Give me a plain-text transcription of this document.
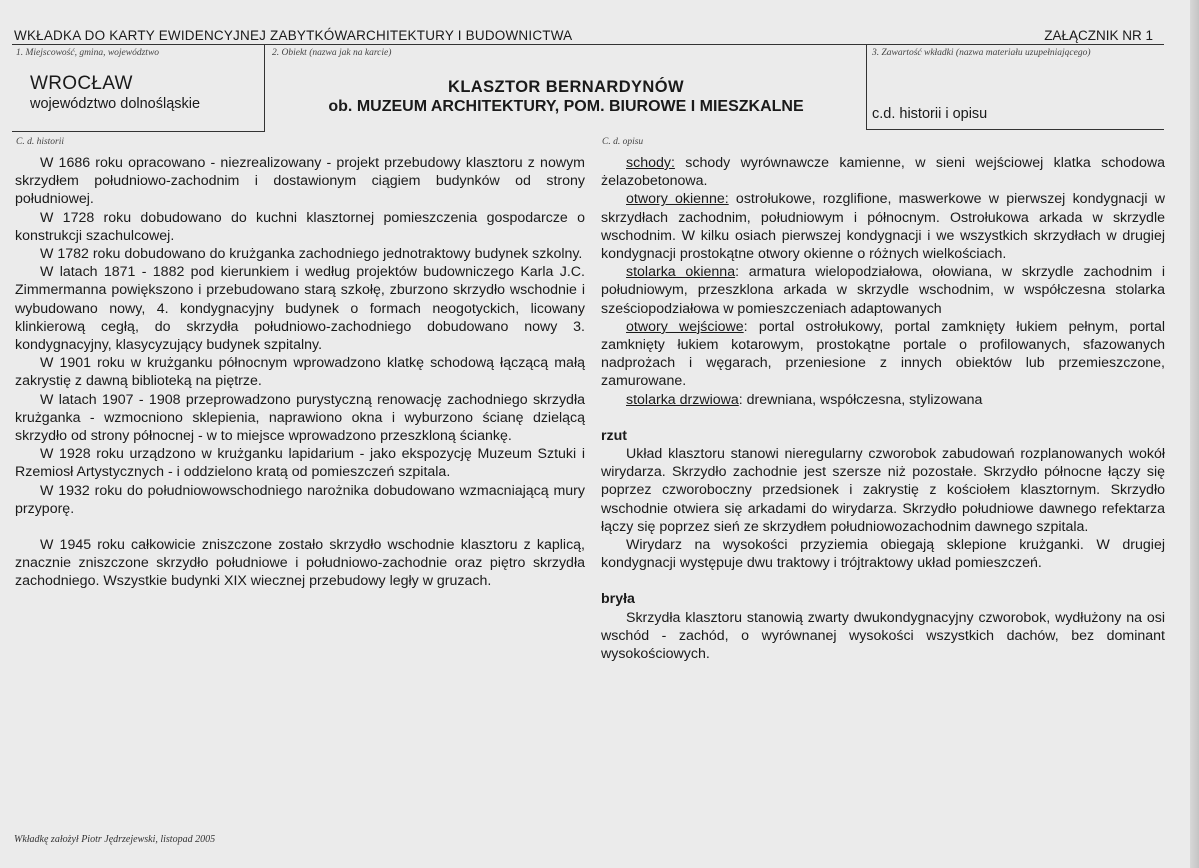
WKŁADKA DO KARTY EWIDENCYJNEJ ZABYTKÓWARCHITEKTURY I BUDOWNICTWA	ZAŁĄCZNIK NR 1
1. Miejscowość, gmina, województwo	2. Obiekt (nazwa jak na karcie)	3. Zawartość wkładki (nazwa materiału uzupełniającego)
WROCŁAW
województwo dolnośląskie
KLASZTOR BERNARDYNÓW
ob. MUZEUM ARCHITEKTURY, POM. BIUROWE I MIESZKALNE	c.d. historii i opisu
C. d. historii	C. d. opisu

W 1686 roku opracowano - niezrealizowany - projekt przebudowy klasztoru z nowym skrzydłem południowo-zachodnim i dostawionym ciągiem budynków od strony południowej.

W 1728 roku dobudowano do kuchni klasztornej pomieszczenia gospodarcze o konstrukcji szachulcowej.

W 1782 roku dobudowano do krużganka zachodniego jednotraktowy budynek szkolny.

W latach 1871 - 1882 pod kierunkiem i według projektów budowniczego Karla J.C. Zimmermanna powiększono i przebudowano starą szkołę, zburzono skrzydło wschodnie i wybudowano nowy, 4. kondygnacyjny budynek o formach neogotyckich, licowany klinkierową cegłą, do skrzydła południowo-zachodniego dobudowano nowy 3. kondygnacyjny, klasycyzujący budynek szpitalny.

W 1901 roku w krużganku północnym wprowadzono klatkę schodową łączącą małą zakrystię z dawną biblioteką na piętrze.

W latach 1907 - 1908 przeprowadzono purystyczną renowację zachodniego skrzydła krużganka - wzmocniono sklepienia, naprawiono okna i wyburzono ścianę dzielącą skrzydło od strony północnej - w to miejsce wprowadzono przeszkloną ściankę.

W 1928 roku urządzono w krużganku lapidarium - jako ekspozycję Muzeum Sztuki i Rzemiosł Artystycznych - i oddzielono kratą od pomieszczeń szpitala.

W 1932 roku do południowowschodniego narożnika dobudowano wzmacniającą mury przyporę.

W 1945 roku całkowicie zniszczone zostało skrzydło wschodnie klasztoru z kaplicą, znacznie zniszczone skrzydło południowe i południowo-zachodnie oraz piętro skrzydła zachodniego. Wszystkie budynki XIX wiecznej przebudowy legły w gruzach.

schody: schody wyrównawcze kamienne, w sieni wejściowej klatka schodowa żelazobetonowa.

otwory okienne: ostrołukowe, rozglifione, maswerkowe w pierwszej kondygnacji w skrzydłach zachodnim, południowym i północnym. Ostrołukowa arkada w skrzydle wschodnim. W kilku osiach pierwszej kondygnacji i we wszystkich skrzydłach w drugiej kondygnacji prostokątne otwory okienne o różnych wielkościach.

stolarka okienna: armatura wielopodziałowa, ołowiana, w skrzydle zachodnim i południowym, przeszklona arkada w skrzydle wschodnim, w współczesna stolarka sześciopodziałowa w pomieszczeniach adaptowanych

otwory wejściowe: portal ostrołukowy, portal zamknięty łukiem pełnym, portal zamknięty łukiem kotarowym, prostokątne portale o profilowanych, sfazowanych nadprożach i węgarach, przeniesione z innych obiektów lub przemieszczone, zamurowane.

stolarka drzwiowa: drewniana, współczesna, stylizowana

rzut

Układ klasztoru stanowi nieregularny czworobok zabudowań rozplanowanych wokół wirydarza. Skrzydło zachodnie jest szersze niż pozostałe. Skrzydło północne łączy się poprzez czworoboczny przedsionek i zakrystię z kościołem klasztornym. Skrzydło wschodnie otwiera się arkadami do wirydarza. Skrzydło południowe dawnego refektarza łączy się poprzez sień ze skrzydłem południowozachodnim dawnego szpitala.

Wirydarz na wysokości przyziemia obiegają sklepione krużganki. W drugiej kondygnacji występuje dwu traktowy i trójtraktowy układ pomieszczeń.

bryła

Skrzydła klasztoru stanowią zwarty dwukondygnacyjny czworobok, wydłużony na osi wschód - zachód, o wyrównanej wysokości wszystkich dachów, bez dominant wysokościowych.

Wkładkę założył Piotr Jędrzejewski, listopad 2005
